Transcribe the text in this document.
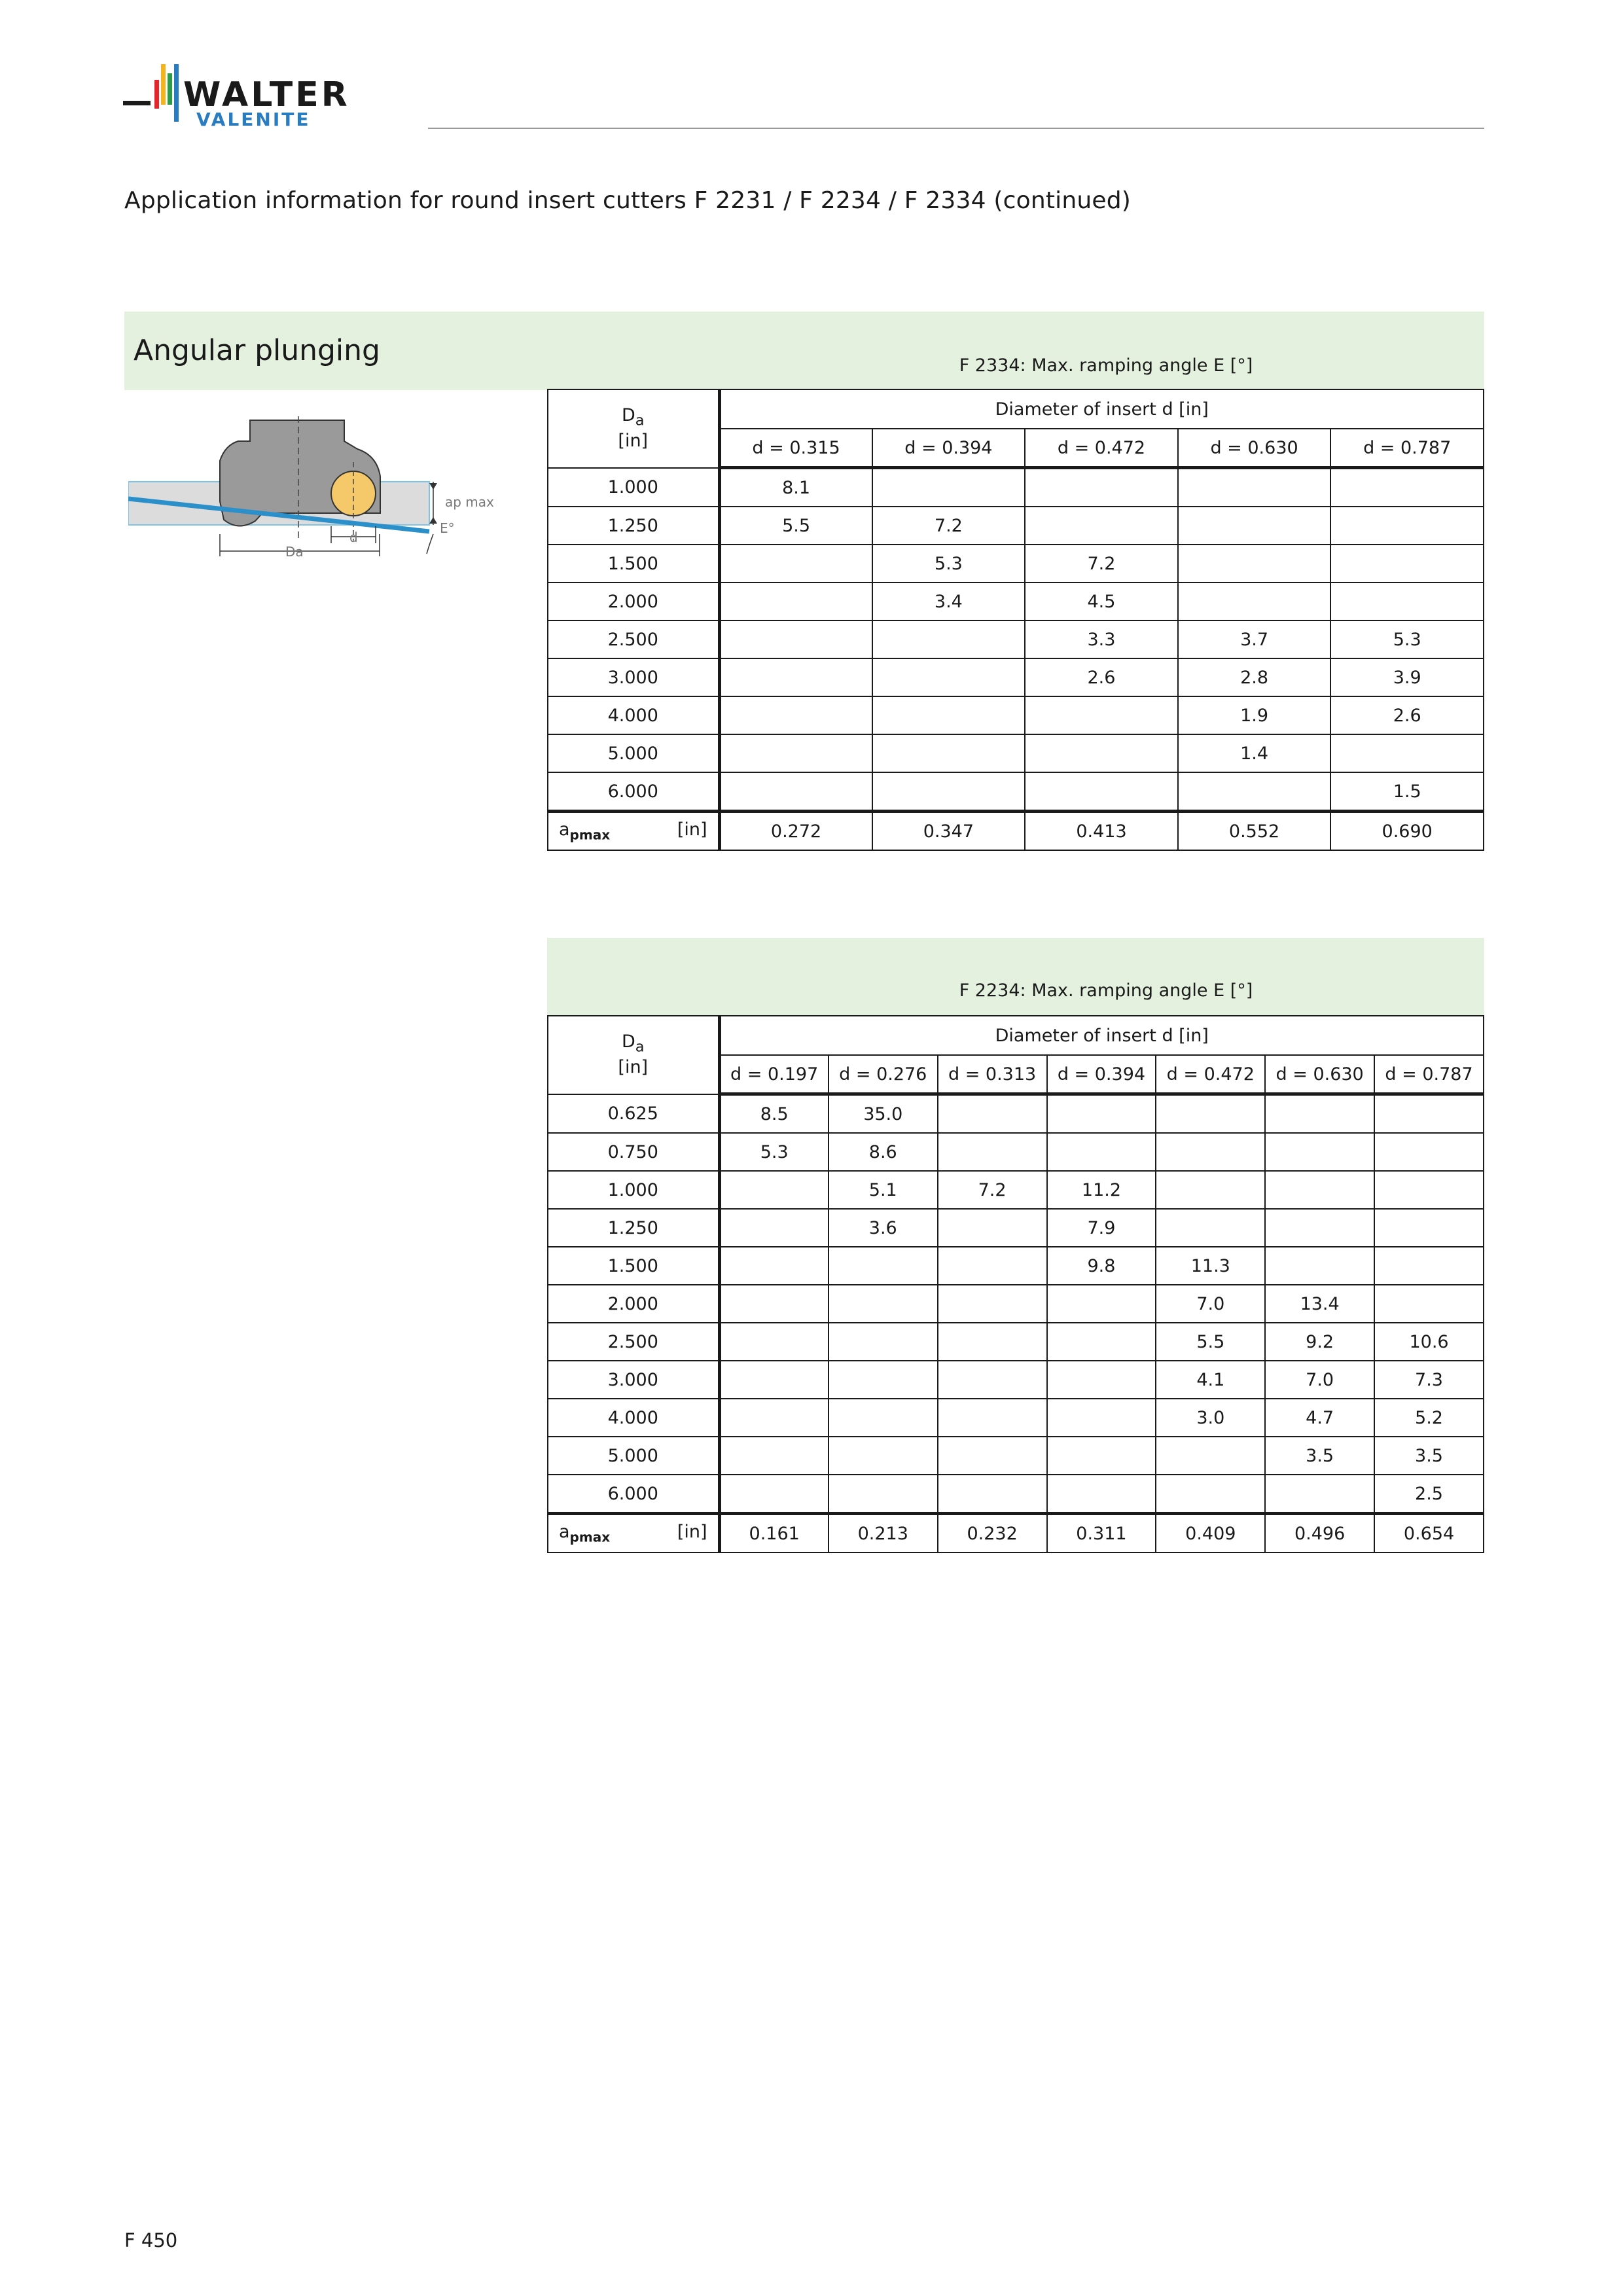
WALTER
VALENITE
Application information for round insert cutters F 2231 / F 2234 / F 2334 (continued)
Angular plunging	F 2334: Max. ramping angle E [°]
ap max
E°
Da
d
$D_a$
[in]	Diameter of insert d [in]				
	d = 0.315	d = 0.394	d = 0.472	d = 0.630	d = 0.787
1.000	8.1				
1.250	5.5	7.2			
1.500		5.3	7.2		
2.000		3.4	4.5		
2.500			3.3	3.7	5.3
3.000			2.6	2.8	3.9
4.000				1.9	2.6
5.000				1.4	
6.000					1.5

$a_{pmax}$ [in]	0.272	0.347	0.413	0.552	0.690
F 2234: Max. ramping angle E [°]
$D_a$
[in]	Diameter of insert d [in]						
	d = 0.197	d = 0.276	d = 0.313	d = 0.394	d = 0.472	d = 0.630	d = 0.787
0.625	8.5	35.0					
0.750	5.3	8.6					
1.000		5.1	7.2	11.2			
1.250		3.6		7.9			
1.500				9.8	11.3		
2.000					7.0	13.4	
2.500					5.5	9.2	10.6
3.000					4.1	7.0	7.3
4.000					3.0	4.7	5.2
5.000						3.5	3.5
6.000							2.5

$a_{pmax}$ [in]	0.161	0.213	0.232	0.311	0.409	0.496	0.654
F 450
